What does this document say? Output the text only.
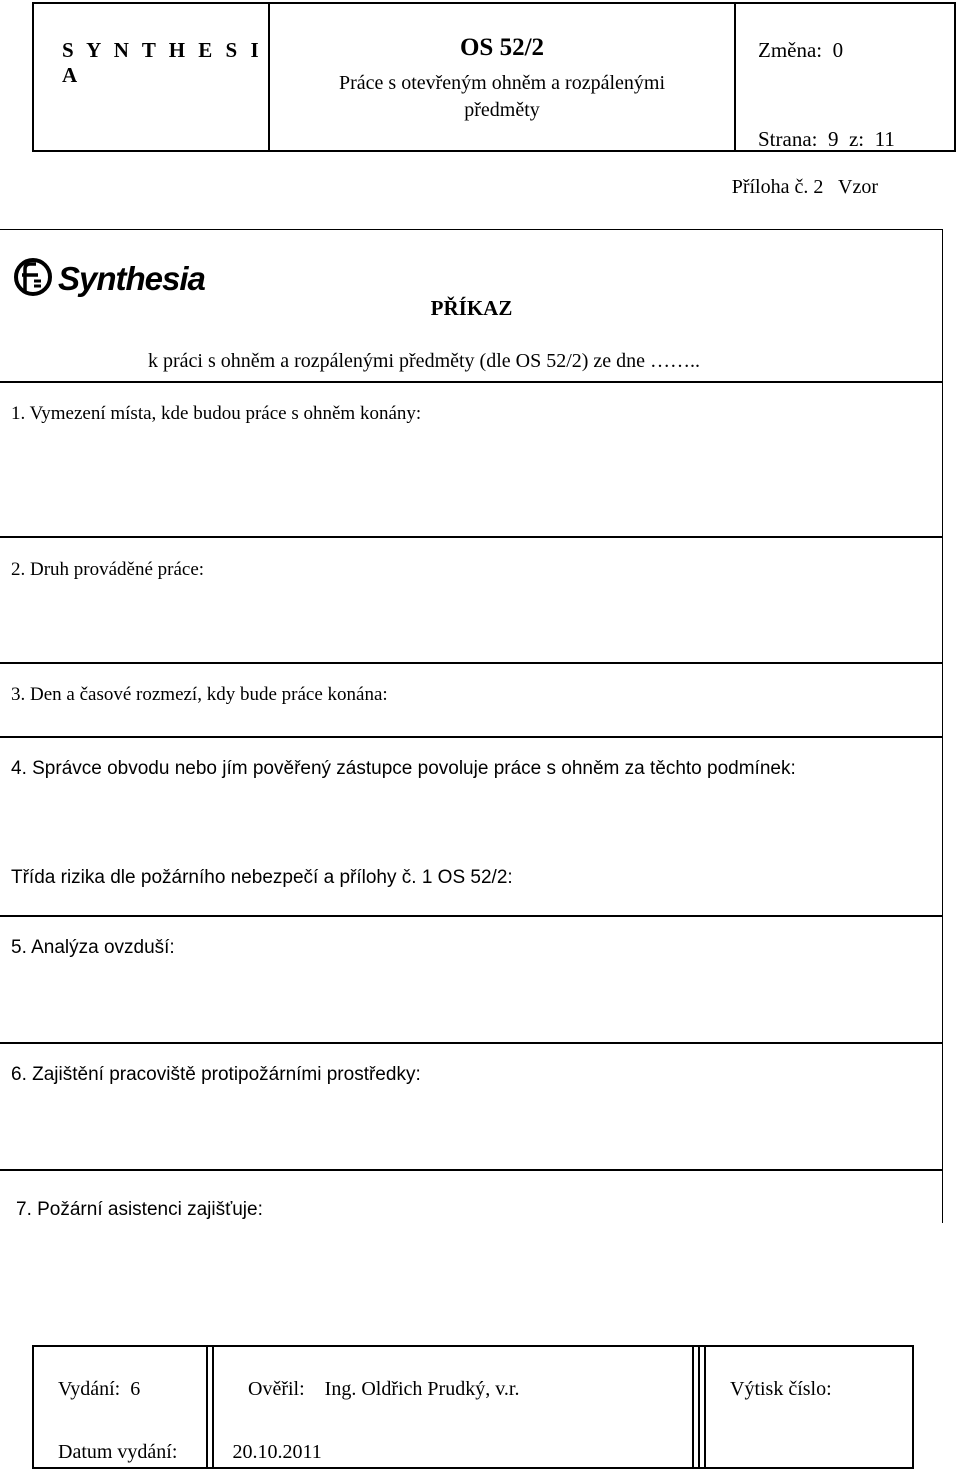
S Y N T H E S I A
OS 52/2
Práce s otevřeným ohněm a rozpálenými předměty
Změna: 0
Strana: 9 z: 11
Příloha č. 2 Vzor
Synthesia
PŘÍKAZ
k práci s ohněm a rozpálenými předměty (dle OS 52/2) ze dne ……..
1. Vymezení místa, kde budou práce s ohněm konány:
2. Druh prováděné práce:
3. Den a časové rozmezí, kdy bude práce konána:
4. Správce obvodu nebo jím pověřený zástupce povoluje práce s ohněm za těchto podmínek:
Třída rizika dle požárního nebezpečí a přílohy č. 1 OS 52/2:
5. Analýza ovzduší:
6. Zajištění pracoviště protipožárními prostředky:
7. Požární asistenci zajišťuje:
Vydání: 6	Ověřil: Ing. Oldřich Prudký, v.r.	Výtisk číslo:
Datum vydání:	20.10.2011
